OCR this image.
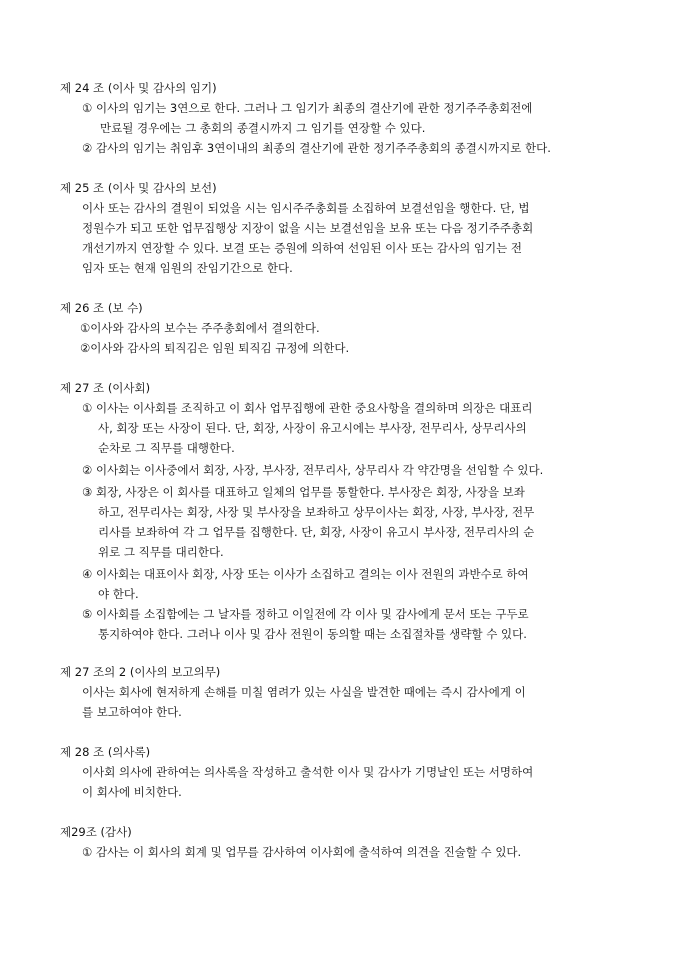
제 24 조 (이사 및 감사의 임기)
① 이사의 임기는 3연으로 한다. 그러나 그 임기가 최종의 결산기에 관한 정기주주총회전에
만료될 경우에는 그 총회의 종결시까지 그 임기를 연장할 수 있다.
② 감사의 임기는 취임후 3연이내의 최종의 결산기에 관한 정기주주총회의 종결시까지로 한다.
제 25 조 (이사 및 감사의 보선)
이사 또는 감사의 결원이 되었을 시는 임시주주총회를 소집하여 보결선임을 행한다. 단, 법
정원수가 되고 또한 업무집행상 지장이 없을 시는 보결선임을 보유 또는 다음 정기주주총회
개선기까지 연장할 수 있다. 보결 또는 증원에 의하여 선임된 이사 또는 감사의 임기는 전
임자 또는 현재 임원의 잔임기간으로 한다.
제 26 조 (보 수)
①이사와 감사의 보수는 주주총회에서 결의한다.
②이사와 감사의 퇴직김은 임원 퇴직김 규정에 의한다.
제 27 조 (이사회)
① 이사는 이사회를 조직하고 이 회사 업무집행에 관한 중요사항을 결의하며 의장은 대표리
사, 회장 또는 사장이 된다. 단, 회장, 사장이 유고시에는 부사장, 전무리사, 상무리사의
순차로 그 직무를 대행한다.
② 이사회는 이사중에서 회장, 사장, 부사장, 전무리사, 상무리사 각 약간명을 선임할 수 있다.
③ 회장, 사장은 이 회사를 대표하고 일체의 업무를 통할한다. 부사장은 회장, 사장을 보좌
하고, 전무리사는 회장, 사장 및 부사장을 보좌하고 상무이사는 회장, 사장, 부사장, 전무
리사를 보좌하여 각 그 업무를 집행한다. 단, 회장, 사장이 유고시 부사장, 전무리사의 순
위로 그 직무를 대리한다.
④ 이사회는 대표이사 회장, 사장 또는 이사가 소집하고 결의는 이사 전원의 과반수로 하여
야 한다.
⑤ 이사회를 소집함에는 그 날자를 정하고 이일전에 각 이사 및 감사에게 문서 또는 구두로
통지하여야 한다. 그러나 이사 및 감사 전원이 동의할 때는 소집절차를 생략할 수 있다.
제 27 조의 2 (이사의 보고의무)
이사는 회사에 현저하게 손해를 미칠 염려가 있는 사실을 발견한 때에는 즉시 감사에게 이
를 보고하여야 한다.
제 28 조 (의사록)
이사회 의사에 관하여는 의사록을 작성하고 출석한 이사 및 감사가 기명날인 또는 서명하여
이 회사에 비치한다.
제29조 (감사)
① 감사는 이 회사의 회계 및 업무를 감사하여 이사회에 출석하여 의견을 진술할 수 있다.
